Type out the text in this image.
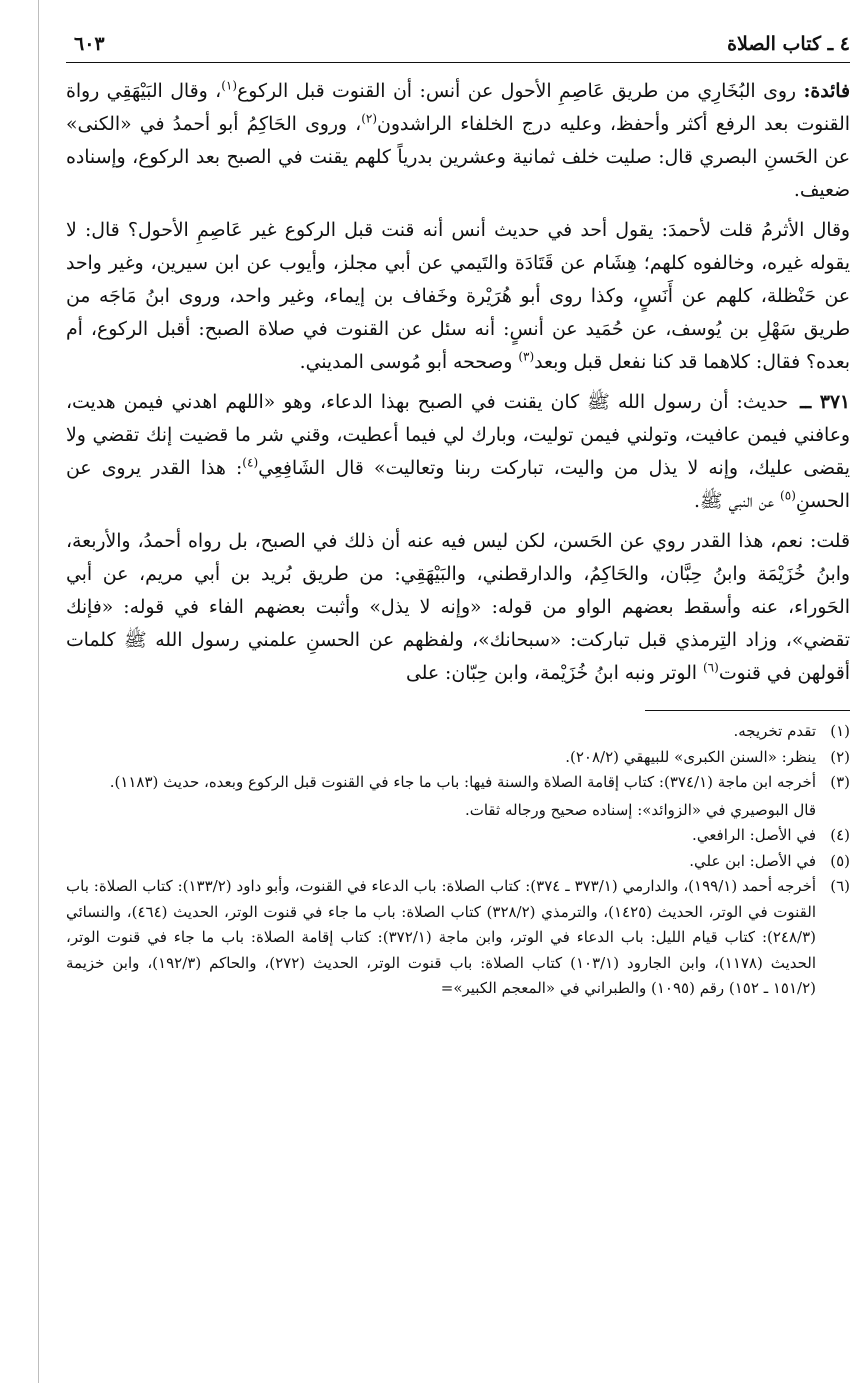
٤ ـ كتاب الصلاة
٦٠٣

فائدة: روى البُخَارِي من طريق عَاصِمِ الأحول عن أنس: أن القنوت قبل الركوع$^{(١)}$، وقال البَيْهَقِي رواة القنوت بعد الرفع أكثر وأحفظ، وعليه درج الخلفاء الراشدون$^{(٢)}$، وروى الحَاكِمُ أبو أحمدُ في «الكنى» عن الحَسنِ البصري قال: صليت خلف ثمانية وعشرين بدرياً كلهم يقنت في الصبح بعد الركوع، وإسناده ضعيف.

وقال الأثرمُ قلت لأحمدَ: يقول أحد في حديث أنس أنه قنت قبل الركوع غير عَاصِمِ الأحول؟ قال: لا يقوله غيره، وخالفوه كلهم؛ هِشَام عن قَتَادَة والتَيمي عن أبي مجلز، وأيوب عن ابن سيرين، وغير واحد عن حَنْظلة، كلهم عن أَنَسٍ، وكذا روى أبو هُرَيْرة وخَفاف بن إيماء، وغير واحد، وروى ابنُ مَاجَه من طريق سَهْلِ بن يُوسف، عن حُمَيد عن أنسٍ: أنه سئل عن القنوت في صلاة الصبح: أقبل الركوع، أم بعده؟ فقال: كلاهما قد كنا نفعل قبل وبعد$^{(٣)}$ وصححه أبو مُوسى المديني.

٣٧١ ــ حديث: أن رسول الله ﷺ كان يقنت في الصبح بهذا الدعاء، وهو «اللهم اهدني فيمن هديت، وعافني فيمن عافيت، وتولني فيمن توليت، وبارك لي فيما أعطيت، وقني شر ما قضيت إنك تقضي ولا يقضى عليك، وإنه لا يذل من واليت، تباركت ربنا وتعاليت» قال الشَافِعِي$^{(٤)}$: هذا القدر يروى عن الحسنِ$^{(٥)}$ عن النبي ﷺ.

قلت: نعم، هذا القدر روي عن الحَسن، لكن ليس فيه عنه أن ذلك في الصبح، بل رواه أحمدُ، والأربعة، وابنُ خُزَيْمَة وابنُ حِبَّان، والحَاكِمُ، والدارقطني، والبَيْهَقِي: من طريق بُريد بن أبي مريم، عن أبي الحَوراء، عنه وأسقط بعضهم الواو من قوله: «وإنه لا يذل» وأثبت بعضهم الفاء في قوله: «فإنك تقضي»، وزاد التِرمذي قبل تباركت: «سبحانك»، ولفظهم عن الحسنِ علمني رسول الله ﷺ كلمات أقولهن في قنوت$^{(٦)}$ الوتر ونبه ابنُ خُزَيْمة، وابن حِبّان: على

(١)

تقدم تخريجه.

(٢)

ينظر: «السنن الكبرى» للبيهقي (٢٠٨/٢).

(٣)

أخرجه ابن ماجة (٣٧٤/١): كتاب إقامة الصلاة والسنة فيها: باب ما جاء في القنوت قبل الركوع وبعده، حديث (١١٨٣).

قال البوصيري في «الزوائد»: إسناده صحيح ورجاله ثقات.

(٤)

في الأصل: الرافعي.

(٥)

في الأصل: ابن علي.

(٦)

أخرجه أحمد (١٩٩/١)، والدارمي (٣٧٣/١ ـ ٣٧٤): كتاب الصلاة: باب الدعاء في القنوت، وأبو داود (١٣٣/٢): كتاب الصلاة: باب القنوت في الوتر، الحديث (١٤٢٥)، والترمذي (٣٢٨/٢) كتاب الصلاة: باب ما جاء في قنوت الوتر، الحديث (٤٦٤)، والنسائي (٢٤٨/٣): كتاب قيام الليل: باب الدعاء في الوتر، وابن ماجة (٣٧٢/١): كتاب إقامة الصلاة: باب ما جاء في قنوت الوتر، الحديث (١١٧٨)، وابن الجارود (١٠٣/١) كتاب الصلاة: باب قنوت الوتر، الحديث (٢٧٢)، والحاكم (١٩٢/٣)، وابن خزيمة (١٥١/٢ ـ ١٥٢) رقم (١٠٩٥) والطبراني في «المعجم الكبير»=
